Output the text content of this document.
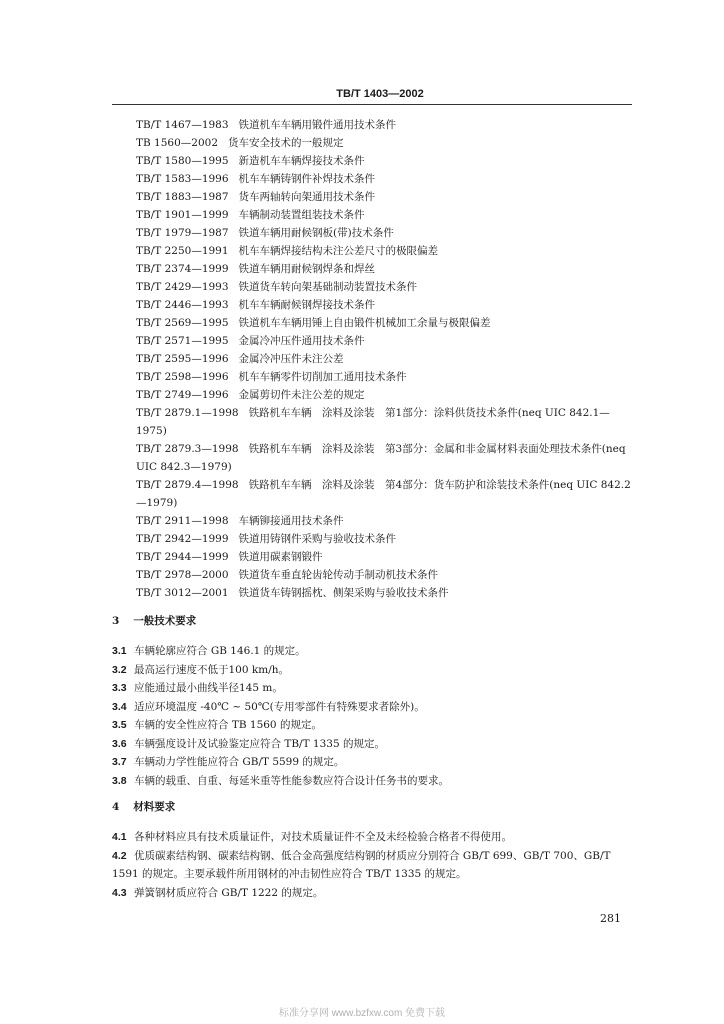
TB/T 1403—2002
TB/T 1467—1983 铁道机车车辆用锻件通用技术条件
TB 1560—2002 货车安全技术的一般规定
TB/T 1580—1995 新造机车车辆焊接技术条件
TB/T 1583—1996 机车车辆铸钢件补焊技术条件
TB/T 1883—1987 货车两轴转向架通用技术条件
TB/T 1901—1999 车辆制动装置组装技术条件
TB/T 1979—1987 铁道车辆用耐候钢板(带)技术条件
TB/T 2250—1991 机车车辆焊接结构未注公差尺寸的极限偏差
TB/T 2374—1999 铁道车辆用耐候钢焊条和焊丝
TB/T 2429—1993 铁道货车转向架基础制动装置技术条件
TB/T 2446—1993 机车车辆耐候钢焊接技术条件
TB/T 2569—1995 铁道机车车辆用锤上自由锻件机械加工余量与极限偏差
TB/T 2571—1995 金属冷冲压件通用技术条件
TB/T 2595—1996 金属冷冲压件未注公差
TB/T 2598—1996 机车车辆零件切削加工通用技术条件
TB/T 2749—1996 金属剪切件未注公差的规定
TB/T 2879.1—1998 铁路机车车辆　涂料及涂装　第1部分：涂料供货技术条件(neq UIC 842.1—1975)
TB/T 2879.3—1998 铁路机车车辆　涂料及涂装　第3部分：金属和非金属材料表面处理技术条件(neq UIC 842.3—1979)
TB/T 2879.4—1998 铁路机车车辆　涂料及涂装　第4部分：货车防护和涂装技术条件(neq UIC 842.2—1979)
TB/T 2911—1998 车辆铆接通用技术条件
TB/T 2942—1999 铁道用铸钢件采购与验收技术条件
TB/T 2944—1999 铁道用碳素钢锻件
TB/T 2978—2000 铁道货车垂直轮齿轮传动手制动机技术条件
TB/T 3012—2001 铁道货车铸钢摇枕、侧架采购与验收技术条件
3 一般技术要求
3.1 车辆轮廓应符合 GB 146.1 的规定。
3.2 最高运行速度不低于100 km/h。
3.3 应能通过最小曲线半径145 m。
3.4 适应环境温度 -40℃ ~ 50℃(专用零部件有特殊要求者除外)。
3.5 车辆的安全性应符合 TB 1560 的规定。
3.6 车辆强度设计及试验鉴定应符合 TB/T 1335 的规定。
3.7 车辆动力学性能应符合 GB/T 5599 的规定。
3.8 车辆的载重、自重、每延米重等性能参数应符合设计任务书的要求。
4 材料要求
4.1 各种材料应具有技术质量证件，对技术质量证件不全及未经检验合格者不得使用。
4.2 优质碳素结构钢、碳素结构钢、低合金高强度结构钢的材质应分别符合 GB/T 699、GB/T 700、GB/T 1591 的规定。主要承载件所用钢材的冲击韧性应符合 TB/T 1335 的规定。
4.3 弹簧钢材质应符合 GB/T 1222 的规定。
281
标准分享网 www.bzfxw.com 免费下载
